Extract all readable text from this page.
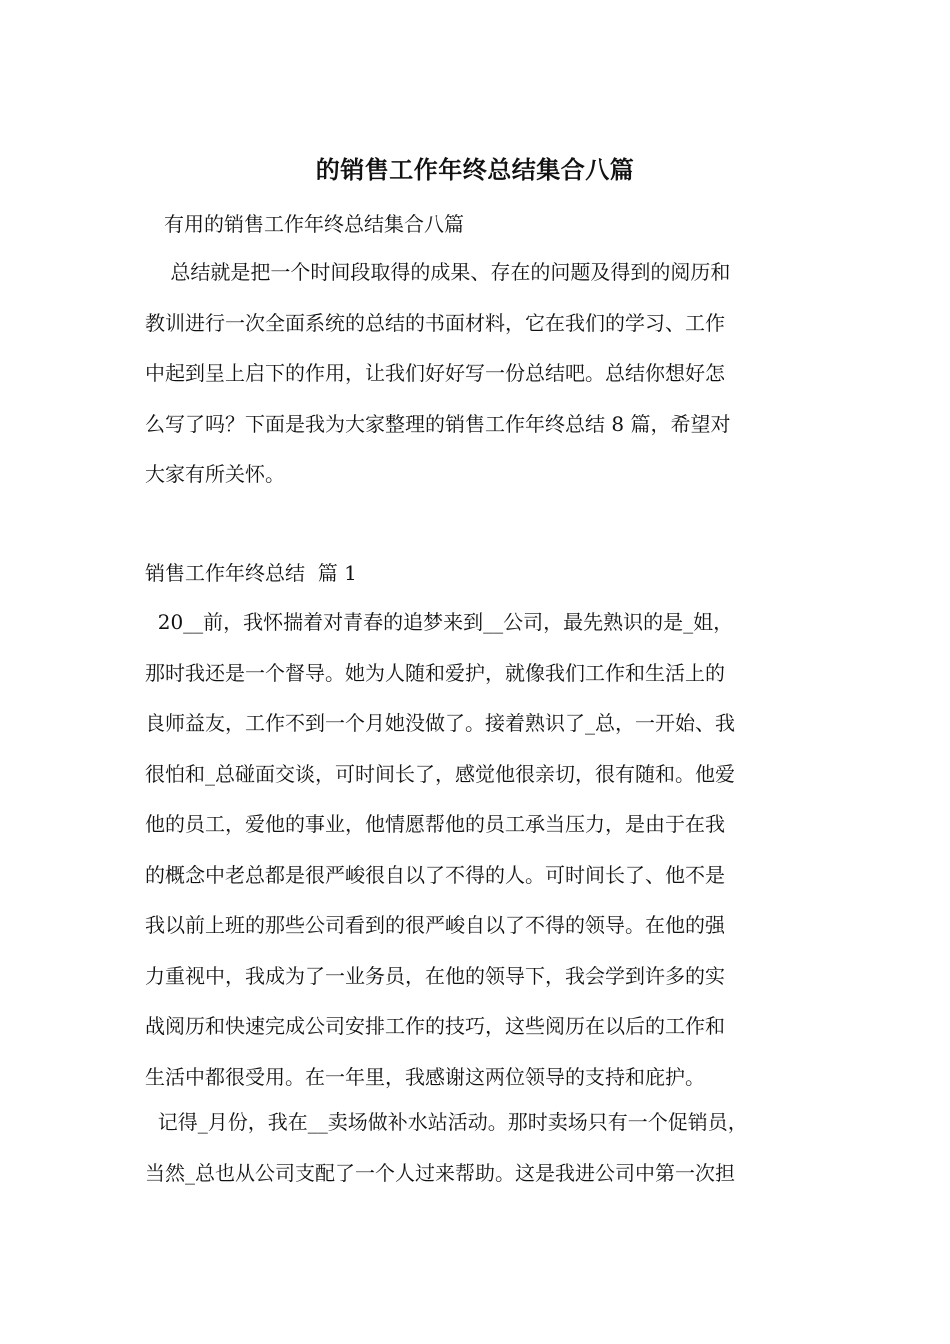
的销售工作年终总结集合八篇
有用的销售工作年终总结集合八篇
总结就是把一个时间段取得的成果、存在的问题及得到的阅历和
教训进行一次全面系统的总结的书面材料，它在我们的学习、工作
中起到呈上启下的作用，让我们好好写一份总结吧。总结你想好怎
么写了吗？下面是我为大家整理的销售工作年终总结 8 篇，希望对
大家有所关怀。
销售工作年终总结  篇 1
20__前，我怀揣着对青春的追梦来到__公司，最先熟识的是_姐，
那时我还是一个督导。她为人随和爱护，就像我们工作和生活上的
良师益友，工作不到一个月她没做了。接着熟识了_总，一开始、我
很怕和_总碰面交谈，可时间长了，感觉他很亲切，很有随和。他爱
他的员工，爱他的事业，他情愿帮他的员工承当压力，是由于在我
的概念中老总都是很严峻很自以了不得的人。可时间长了、他不是
我以前上班的那些公司看到的很严峻自以了不得的领导。在他的强
力重视中，我成为了一业务员，在他的领导下，我会学到许多的实
战阅历和快速完成公司安排工作的技巧，这些阅历在以后的工作和
生活中都很受用。在一年里，我感谢这两位领导的支持和庇护。
记得_月份，我在__卖场做补水站活动。那时卖场只有一个促销员，
当然_总也从公司支配了一个人过来帮助。这是我进公司中第一次担
